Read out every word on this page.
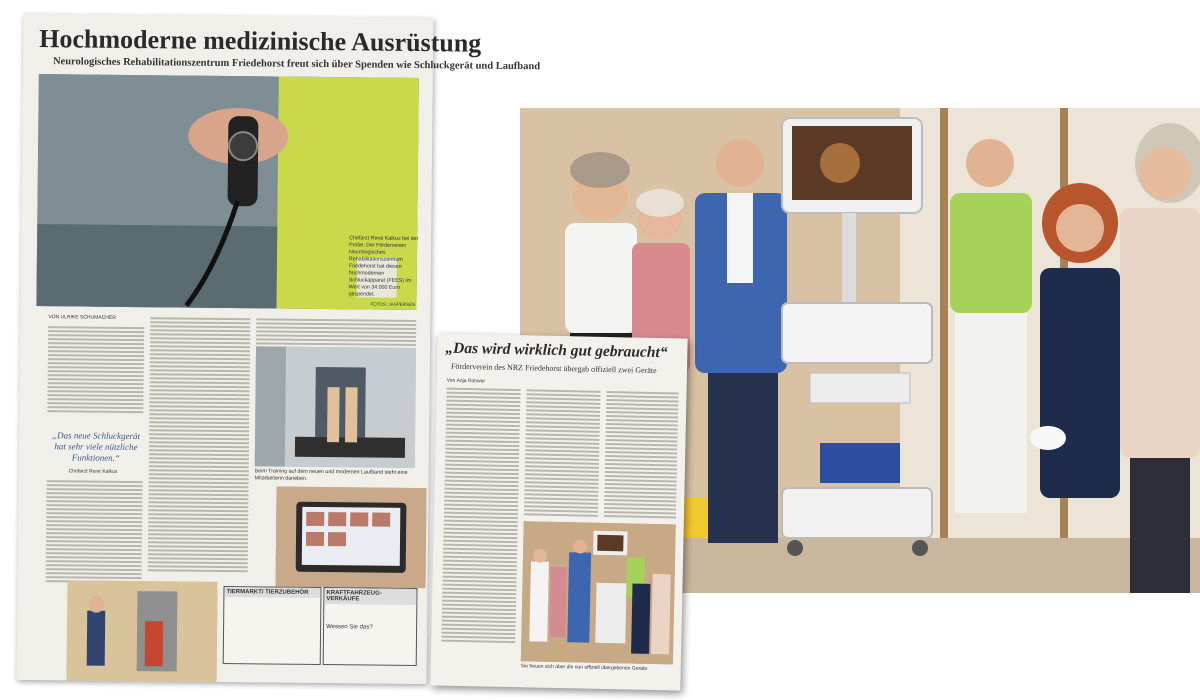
Hochmoderne medizinische Ausrüstung
Neurologisches Rehabilitationszentrum Friedehorst freut sich über Spenden wie Schluckgerät und Laufband
Chefarzt René Kalkus bei der Probe: Der Förderverein Neurologisches Rehabilitationszentrum Friedehorst hat diesen hochmodernen Schluckapparat (FEES) im Wert von 34.000 Euro gespendet.
FOTOS: JASPERSEN
VON ULRIKE SCHUMACHER
„Das neue Schluckgerät hat sehr viele nützliche Funktionen.“
Chefarzt René Kalkus	Beim Training auf dem neuen und modernen Laufband steht eine Mitarbeiterin daneben.
TIERMARKT/ TIERZUBEHÖR	KRAFTFAHRZEUG-VERKÄUFE
Wessen Sie das?
„Das wird wirklich gut gebraucht“
Förderverein des NRZ Friedehorst übergab offiziell zwei Geräte
Von Anja Rohwer
Sie freuen sich über die nun offiziell übergebenen Geräte
